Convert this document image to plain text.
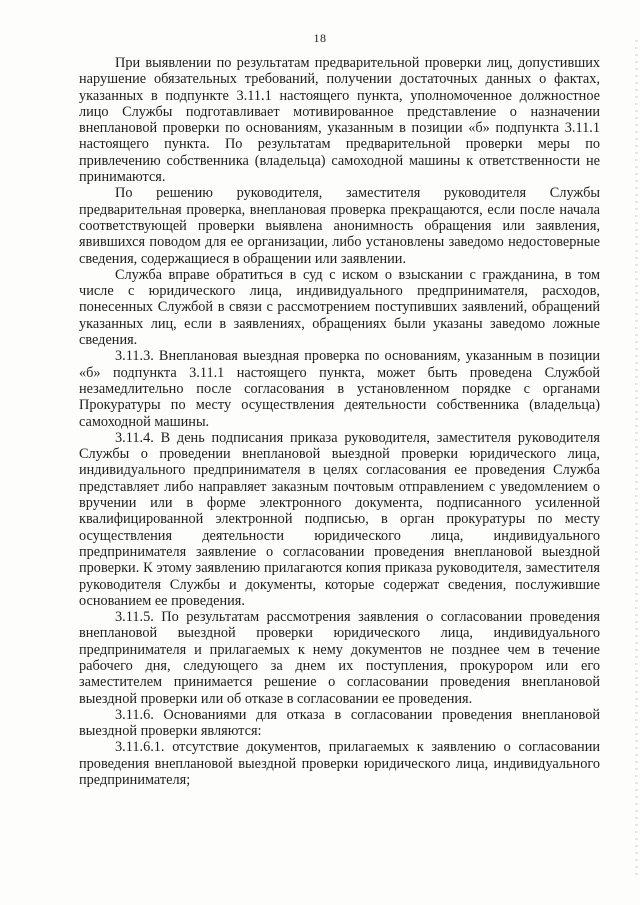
18

При выявлении по результатам предварительной проверки лиц, допустивших нарушение обязательных требований, получении достаточных данных о фактах, указанных в подпункте 3.11.1 настоящего пункта, уполномоченное должностное лицо Службы подготавливает мотивированное представление о назначении внеплановой проверки по основаниям, указанным в позиции «б» подпункта 3.11.1 настоящего пункта. По результатам предварительной проверки меры по привлечению собственника (владельца) самоходной машины к ответственности не принимаются.

По решению руководителя, заместителя руководителя Службы предварительная проверка, внеплановая проверка прекращаются, если после начала соответствующей проверки выявлена анонимность обращения или заявления, явившихся поводом для ее организации, либо установлены заведомо недостоверные сведения, содержащиеся в обращении или заявлении.

Служба вправе обратиться в суд с иском о взыскании с гражданина, в том числе с юридического лица, индивидуального предпринимателя, расходов, понесенных Службой в связи с рассмотрением поступивших заявлений, обращений указанных лиц, если в заявлениях, обращениях были указаны заведомо ложные сведения.

3.11.3. Внеплановая выездная проверка по основаниям, указанным в позиции «б» подпункта 3.11.1 настоящего пункта, может быть проведена Службой незамедлительно после согласования в установленном порядке с органами Прокуратуры по месту осуществления деятельности собственника (владельца) самоходной машины.

3.11.4. В день подписания приказа руководителя, заместителя руководителя Службы о проведении внеплановой выездной проверки юридического лица, индивидуального предпринимателя в целях согласования ее проведения Служба представляет либо направляет заказным почтовым отправлением с уведомлением о вручении или в форме электронного документа, подписанного усиленной квалифицированной электронной подписью, в орган прокуратуры по месту осуществления деятельности юридического лица, индивидуального предпринимателя заявление о согласовании проведения внеплановой выездной проверки. К этому заявлению прилагаются копия приказа руководителя, заместителя руководителя Службы и документы, которые содержат сведения, послужившие основанием ее проведения.

3.11.5. По результатам рассмотрения заявления о согласовании проведения внеплановой выездной проверки юридического лица, индивидуального предпринимателя и прилагаемых к нему документов не позднее чем в течение рабочего дня, следующего за днем их поступления, прокурором или его заместителем принимается решение о согласовании проведения внеплановой выездной проверки или об отказе в согласовании ее проведения.

3.11.6. Основаниями для отказа в согласовании проведения внеплановой выездной проверки являются:

3.11.6.1. отсутствие документов, прилагаемых к заявлению о согласовании проведения внеплановой выездной проверки юридического лица, индивидуального предпринимателя;
